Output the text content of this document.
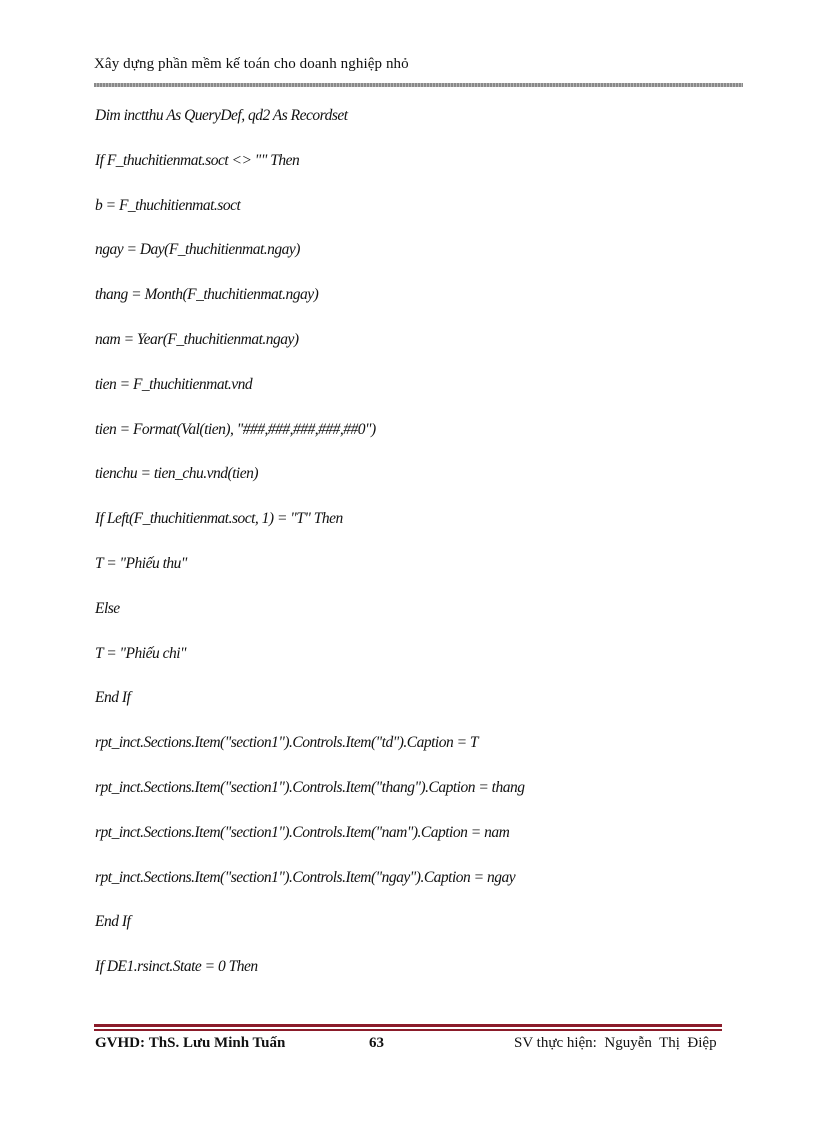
Xây dựng phần mềm kế toán cho doanh nghiệp nhỏ
Dim inctthu As QueryDef, qd2 As Recordset
If F_thuchitienmat.soct <> "" Then
b = F_thuchitienmat.soct
ngay = Day(F_thuchitienmat.ngay)
thang = Month(F_thuchitienmat.ngay)
nam = Year(F_thuchitienmat.ngay)
tien = F_thuchitienmat.vnd
tien = Format(Val(tien), "###,###,###,###,##0")
tienchu = tien_chu.vnd(tien)
If Left(F_thuchitienmat.soct, 1) = "T" Then
T = "Phiếu thu"
Else
T = "Phiếu chi"
End If
rpt_inct.Sections.Item("section1").Controls.Item("td").Caption = T
rpt_inct.Sections.Item("section1").Controls.Item("thang").Caption = thang
rpt_inct.Sections.Item("section1").Controls.Item("nam").Caption = nam
rpt_inct.Sections.Item("section1").Controls.Item("ngay").Caption = ngay
End If
If DE1.rsinct.State = 0 Then
GVHD: ThS. Lưu Minh Tuấn	63	SV thực hiện: Nguyễn  Thị  Điệp
